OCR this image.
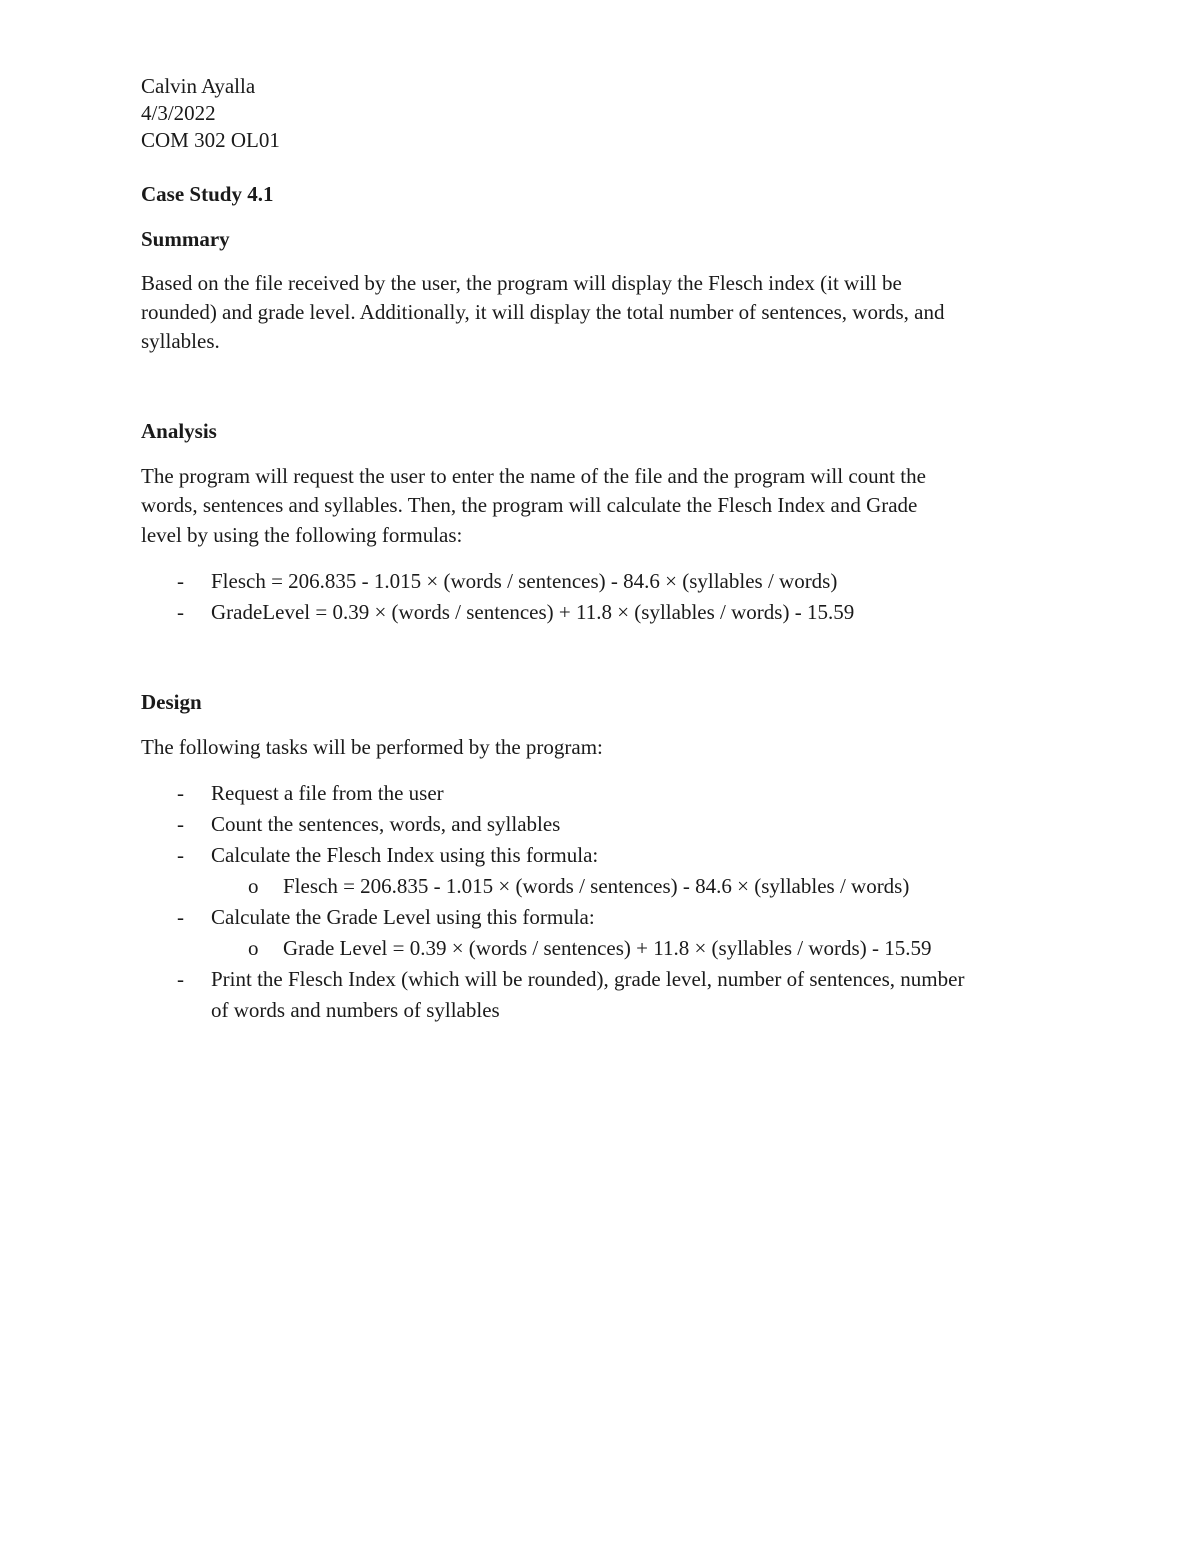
Calvin Ayalla
4/3/2022
COM 302 OL01
Case Study 4.1
Summary
Based on the file received by the user, the program will display the Flesch index (it will be
rounded) and grade level. Additionally, it will display the total number of sentences, words, and
syllables.
Analysis
The program will request the user to enter the name of the file and the program will count the
words, sentences and syllables. Then, the program will calculate the Flesch Index and Grade
level by using the following formulas:
- Flesch = 206.835 - 1.015 × (words / sentences) - 84.6 × (syllables / words)
- GradeLevel = 0.39 × (words / sentences) + 11.8 × (syllables / words) - 15.59
Design
The following tasks will be performed by the program:
- Request a file from the user
- Count the sentences, words, and syllables
- Calculate the Flesch Index using this formula:
o Flesch = 206.835 - 1.015 × (words / sentences) - 84.6 × (syllables / words)
- Calculate the Grade Level using this formula:
o Grade Level = 0.39 × (words / sentences) + 11.8 × (syllables / words) - 15.59
- Print the Flesch Index (which will be rounded), grade level, number of sentences, number
of words and numbers of syllables
